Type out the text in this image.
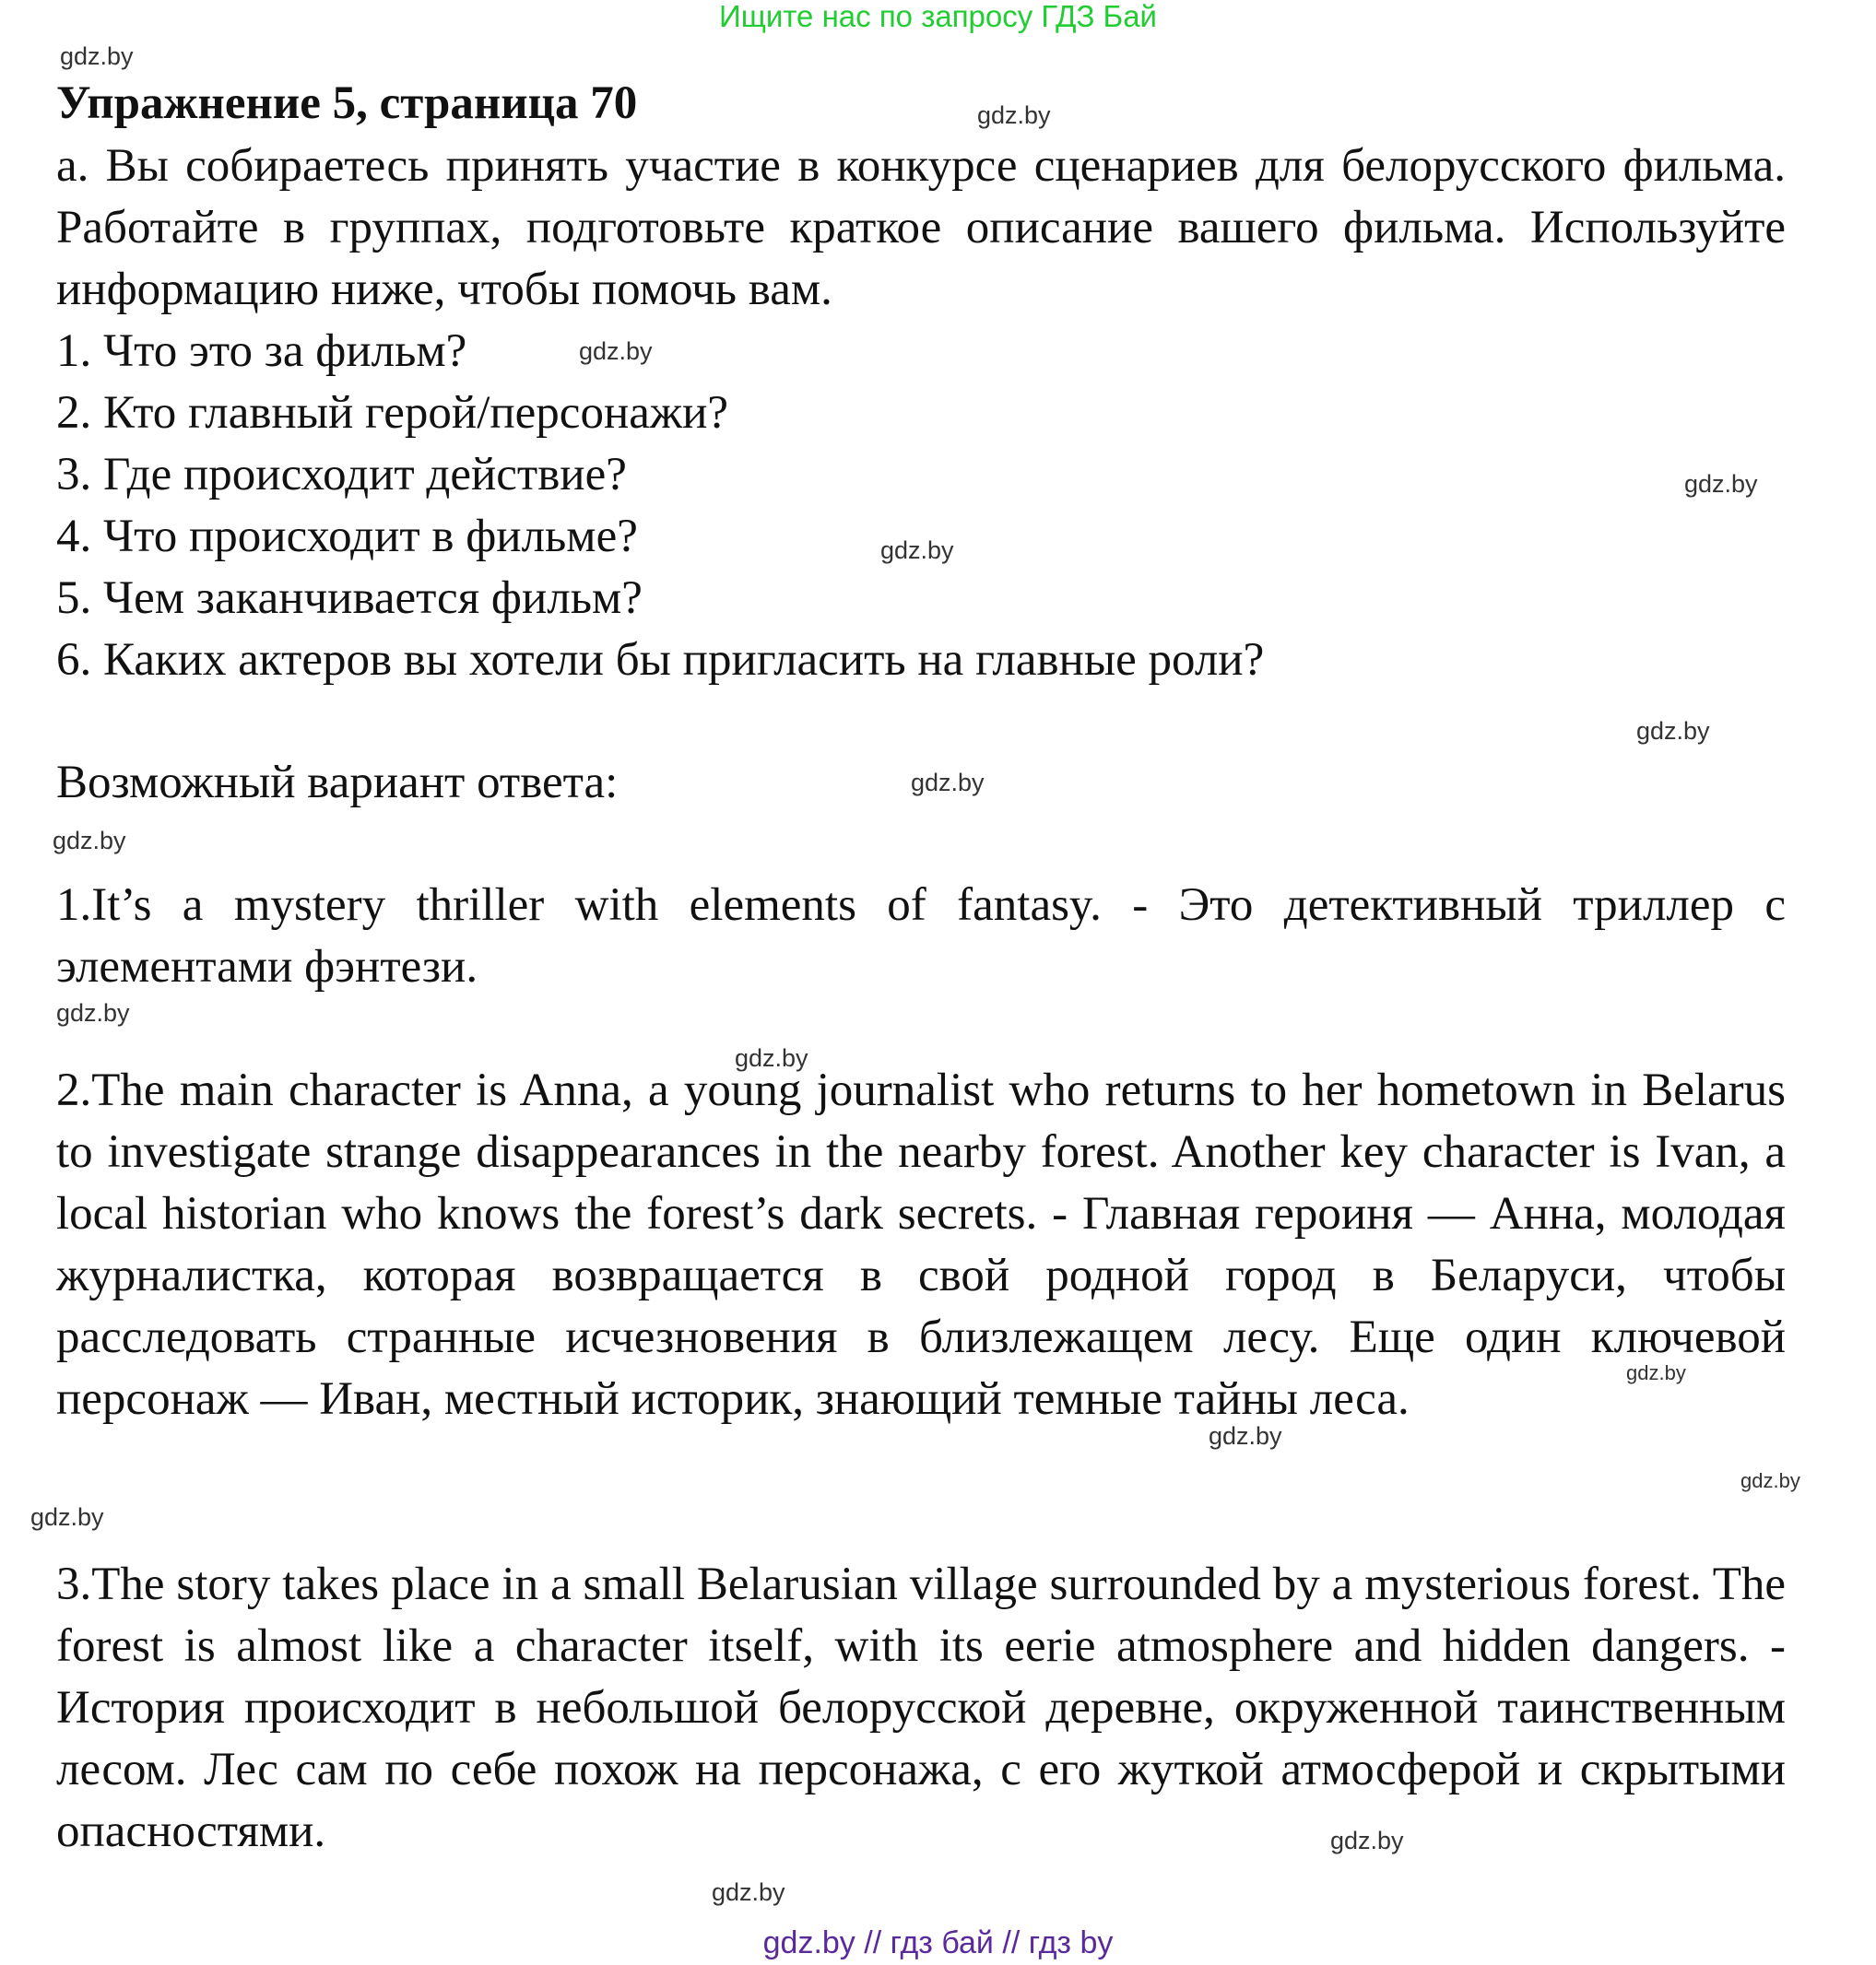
Ищите нас по запросу ГДЗ Бай
Упражнение 5, страница 70

а. Вы собираетесь принять участие в конкурсе сценариев для белорусского фильма. Работайте в группах, подготовьте краткое описание вашего фильма. Используйте информацию ниже, чтобы помочь вам.

1. Что это за фильм?
2. Кто главный герой/персонажи?
3. Где происходит действие?
4. Что происходит в фильме?
5. Чем заканчивается фильм?
6. Каких актеров вы хотели бы пригласить на главные роли?
Возможный вариант ответа:
1.It’s a mystery thriller with elements of fantasy. - Это детективный триллер с элементами фэнтези.
2.The main character is Anna, a young journalist who returns to her hometown in Belarus to investigate strange disappearances in the nearby forest. Another key character is Ivan, a local historian who knows the forest’s dark secrets. - Главная героиня — Анна, молодая журналистка, которая возвращается в свой родной город в Беларуси, чтобы расследовать странные исчезновения в близлежащем лесу. Еще один ключевой персонаж — Иван, местный историк, знающий темные тайны леса.
3.The story takes place in a small Belarusian village surrounded by a mysterious forest. The forest is almost like a character itself, with its eerie atmosphere and hidden dangers. - История происходит в небольшой белорусской деревне, окруженной таинственным лесом. Лес сам по себе похож на персонажа, с его жуткой атмосферой и скрытыми опасностями.
gdz.by
gdz.by
gdz.by
gdz.by
gdz.by
gdz.by
gdz.by
gdz.by
gdz.by
gdz.by
gdz.by
gdz.by
gdz.by
gdz.by
gdz.by
gdz.by
gdz.by // гдз бай // гдз by
